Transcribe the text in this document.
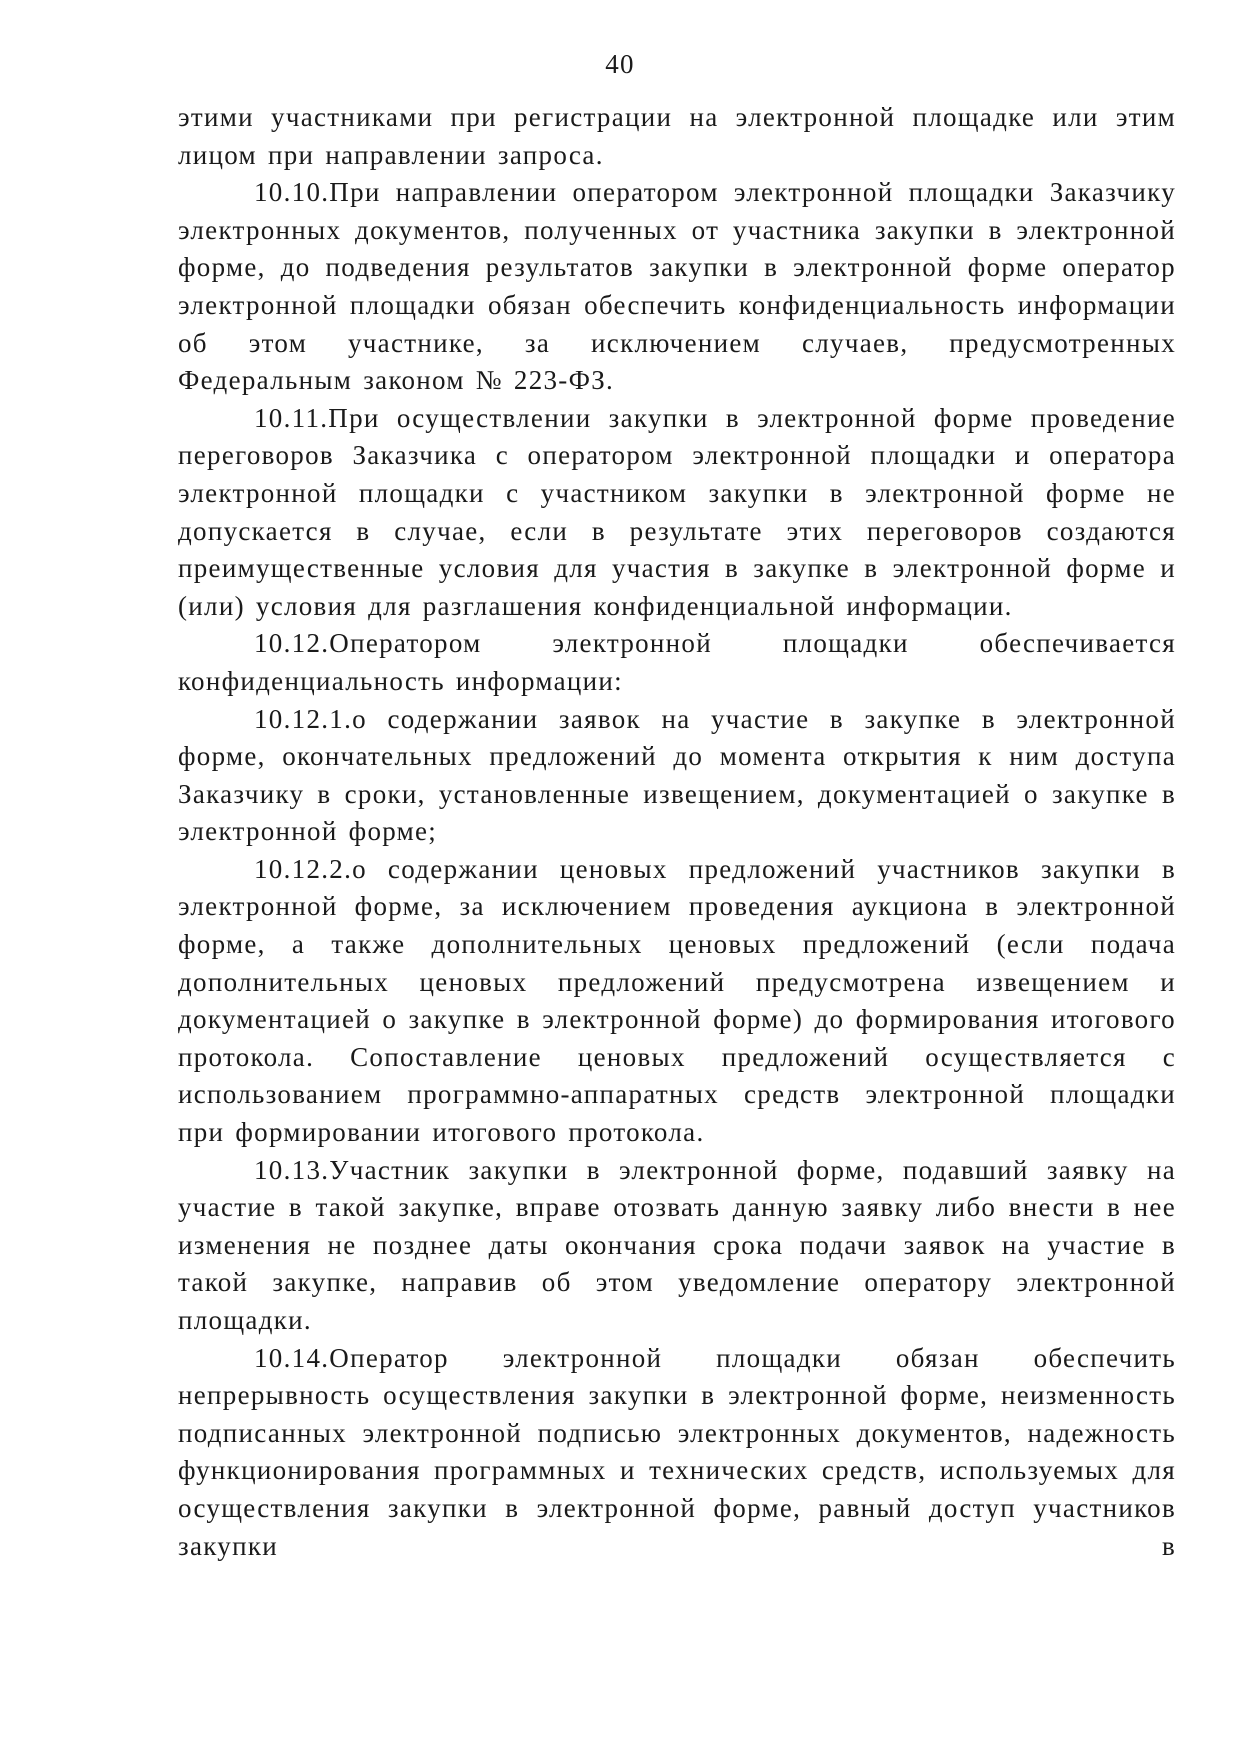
40

этими участниками при регистрации на электронной площадке или этим лицом при направлении запроса.

10.10.При направлении оператором электронной площадки Заказчику электронных документов, полученных от участника закупки в электронной форме, до подведения результатов закупки в электронной форме оператор электронной площадки обязан обеспечить конфиденциальность информации об этом участнике, за исключением случаев, предусмотренных Федеральным законом № 223-ФЗ.

10.11.При осуществлении закупки в электронной форме проведение переговоров Заказчика с оператором электронной площадки и оператора электронной площадки с участником закупки в электронной форме не допускается в случае, если в результате этих переговоров создаются преимущественные условия для участия в закупке в электронной форме и (или) условия для разглашения конфиденциальной информации.

10.12.Оператором электронной площадки обеспечивается конфиденциальность информации:

10.12.1.о содержании заявок на участие в закупке в электронной форме, окончательных предложений до момента открытия к ним доступа Заказчику в сроки, установленные извещением, документацией о закупке в электронной форме;

10.12.2.о содержании ценовых предложений участников закупки в электронной форме, за исключением проведения аукциона в электронной форме, а также дополнительных ценовых предложений (если подача дополнительных ценовых предложений предусмотрена извещением и документацией о закупке в электронной форме) до формирования итогового протокола. Сопоставление ценовых предложений осуществляется с использованием программно-аппаратных средств электронной площадки при формировании итогового протокола.

10.13.Участник закупки в электронной форме, подавший заявку на участие в такой закупке, вправе отозвать данную заявку либо внести в нее изменения не позднее даты окончания срока подачи заявок на участие в такой закупке, направив об этом уведомление оператору электронной площадки.

10.14.Оператор электронной площадки обязан обеспечить непрерывность осуществления закупки в электронной форме, неизменность подписанных электронной подписью электронных документов, надежность функционирования программных и технических средств, используемых для осуществления закупки в электронной форме, равный доступ участников закупки в
